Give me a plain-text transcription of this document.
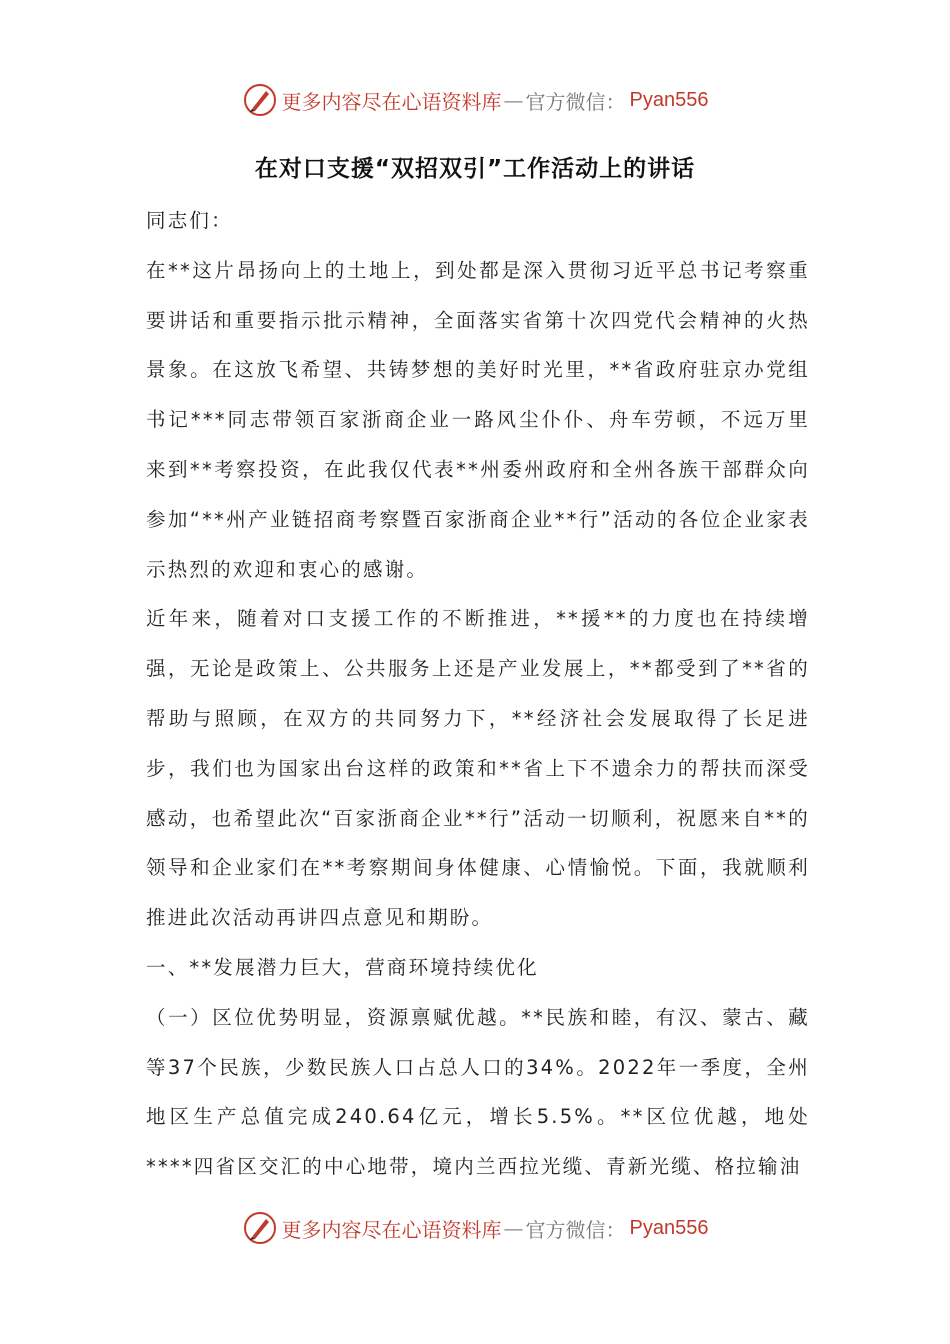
更多内容尽在心语资料库 — 官方微信： Pyan556
在对口支援“双招双引”工作活动上的讲话

同志们：

在**这片昂扬向上的土地上，到处都是深入贯彻习近平总书记考察重要讲话和重要指示批示精神，全面落实省第十次四党代会精神的火热景象。在这放飞希望、共铸梦想的美好时光里，**省政府驻京办党组书记***同志带领百家浙商企业一路风尘仆仆、舟车劳顿，不远万里来到**考察投资，在此我仅代表**州委州政府和全州各族干部群众向参加“**州产业链招商考察暨百家浙商企业**行”活动的各位企业家表示热烈的欢迎和衷心的感谢。

近年来，随着对口支援工作的不断推进，**援**的力度也在持续增强，无论是政策上、公共服务上还是产业发展上，**都受到了**省的帮助与照顾，在双方的共同努力下，**经济社会发展取得了长足进步，我们也为国家出台这样的政策和**省上下不遗余力的帮扶而深受感动，也希望此次“百家浙商企业**行”活动一切顺利，祝愿来自**的领导和企业家们在**考察期间身体健康、心情愉悦。下面，我就顺利推进此次活动再讲四点意见和期盼。

一、**发展潜力巨大，营商环境持续优化

（一）区位优势明显，资源禀赋优越。**民族和睦，有汉、蒙古、藏等37个民族，少数民族人口占总人口的34%。2022年一季度，全州地区生产总值完成240.64亿元，增长5.5%。**区位优越，地处****四省区交汇的中心地带，境内兰西拉光缆、青新光缆、格拉输油

更多内容尽在心语资料库 — 官方微信： Pyan556
